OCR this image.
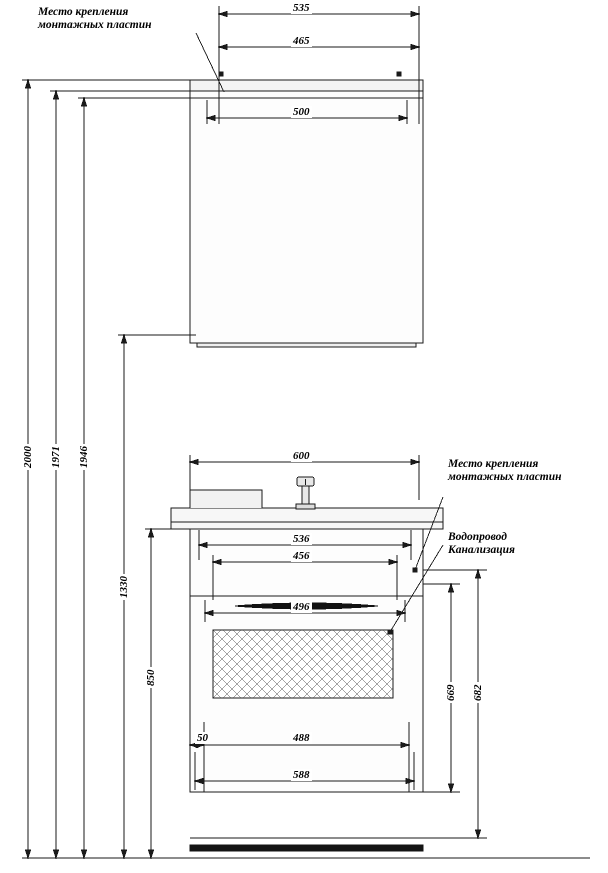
Место крепления
монтажных пластин
Место крепления
монтажных пластин
Водопровод
Канализация
535
465
500
600
536
456
496
50	488
588
2000 1971 1946
1330
850
669 682
